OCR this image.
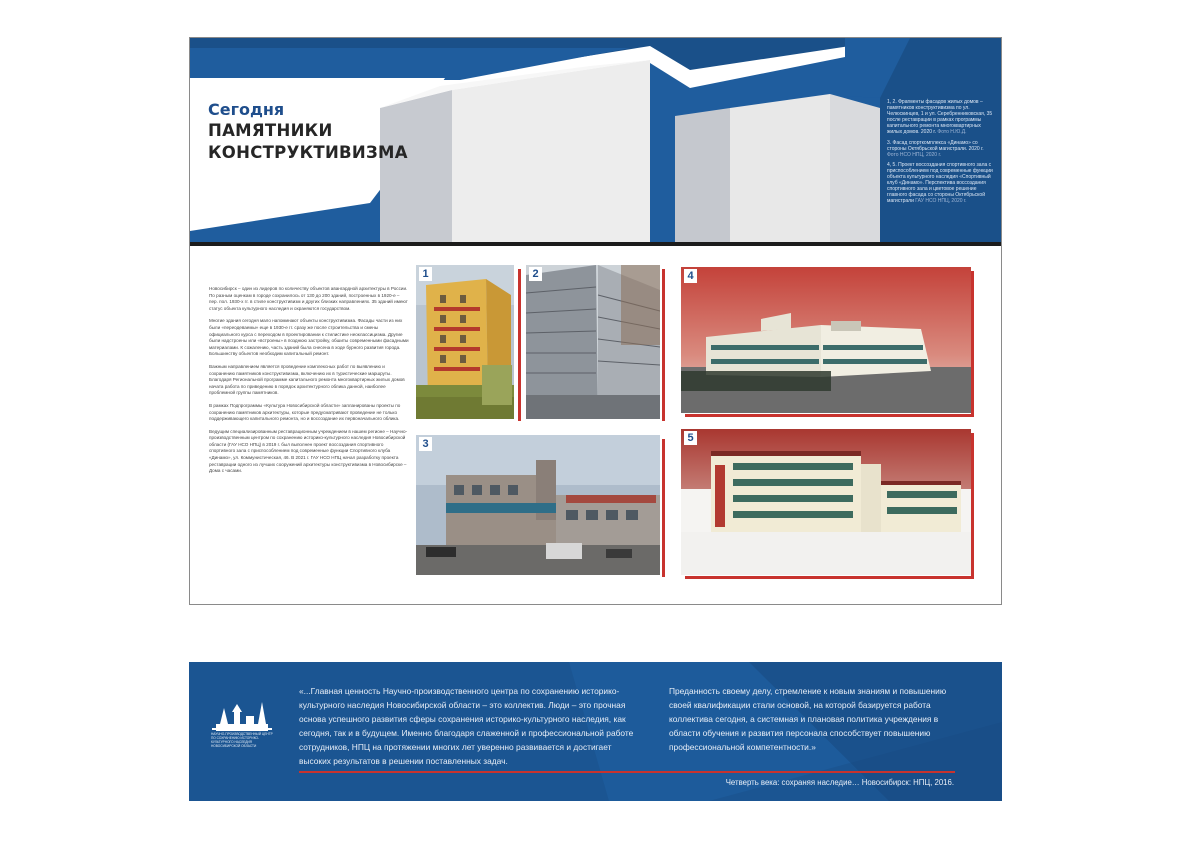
Сегодня
ПАМЯТНИКИ
КОНСТРУКТИВИЗМА
1, 2. Фрагменты фасадов жилых домов – памятников конструктивизма по ул. Челюскинцев, 1 и ул. Серебренниковская, 35 после реставрации в рамках программы капитального ремонта многоквартирных жилых домов. 2020 г. Фото Н.Ю.Д.
3. Фасад спорткомплекса «Динамо» со стороны Октябрьской магистрали. 2020 г. Фото НСО НПЦ, 2020 г.
4, 5. Проект воссоздания спортивного зала с приспособлением под современные функции объекта культурного наследия «Спортивный клуб «Динамо». Перспектива воссоздания спортивного зала и цветовое решение главного фасада со стороны Октябрьской магистрали ГАУ НСО НПЦ, 2020 г.

Новосибирск – один из лидеров по количеству объектов авангардной архитектуры в России. По разным оценкам в городе сохранилось от 130 до 200 зданий, построенных в 1920-е – пер. пол. 1930-х гг. в стиле конструктивизм и других близких направлениях. 35 зданий имеют статус объекта культурного наследия и охраняются государством.

Многие здания сегодня мало напоминают объекты конструктивизма. Фасады части из них были «переодеваемы» еще в 1930-е гг. сразу же после строительства и смены официального курса с переходом в проектировании к стилистике неоклассицизма. Другие были надстроены или «встроены» в позднюю застройку, обшиты современными фасадными материалами. К сожалению, часть зданий была снесена в ходе бурного развития города. Большинству объектов необходим капитальный ремонт.

Важным направлением является проведение комплексных работ по выявлению и сохранению памятников конструктивизма, включению их в туристические маршруты. Благодаря Региональной программе капитального ремонта многоквартирных жилых домов начата работа по приведению в порядок архитектурного облика данной, наиболее проблемной группы памятников.

В рамках Подпрограммы «Культура Новосибирской области» запланированы проекты по сохранению памятников архитектуры, которые предусматривают проведение не только поддерживающего капитального ремонта, но и воссоздание их первоначального облика.

Ведущим специализированным реставрационным учреждением в нашем регионе – Научно-производственным центром по сохранению историко-культурного наследия Новосибирской области (ГАУ НСО НПЦ) в 2019 г. был выполнен проект воссоздания спортивного спортивного зала с приспособлением под современные функции Спортивного клуба «Динамо», ул. Коммунистическая, 46. В 2021 г. ГАУ НСО НПЦ начал разработку проекта реставрации одного из лучших сооружений архитектуры конструктивизма в Новосибирске – Дома с часами.

1	2
3
4
5
НАУЧНО-ПРОИЗВОДСТВЕННЫЙ ЦЕНТР ПО СОХРАНЕНИЮ ИСТОРИКО-КУЛЬТУРНОГО НАСЛЕДИЯ НОВОСИБИРСКОЙ ОБЛАСТИ
«...Главная ценность Научно-производственного центра по сохранению историко-культурного наследия Новосибирской области – это коллектив. Люди – это прочная основа успешного развития сферы сохранения историко-культурного наследия, как сегодня, так и в будущем. Именно благодаря слаженной и профессиональной работе сотрудников, НПЦ на протяжении многих лет уверенно развивается и достигает высоких результатов в решении поставленных задач.
Преданность своему делу, стремление к новым знаниям и повышению своей квалификации стали основой, на которой базируется работа коллектива сегодня, а системная и плановая политика учреждения в области обучения и развития персонала способствует повышению профессиональной компетентности.»
Четверть века: сохраняя наследие… Новосибирск: НПЦ, 2016.
